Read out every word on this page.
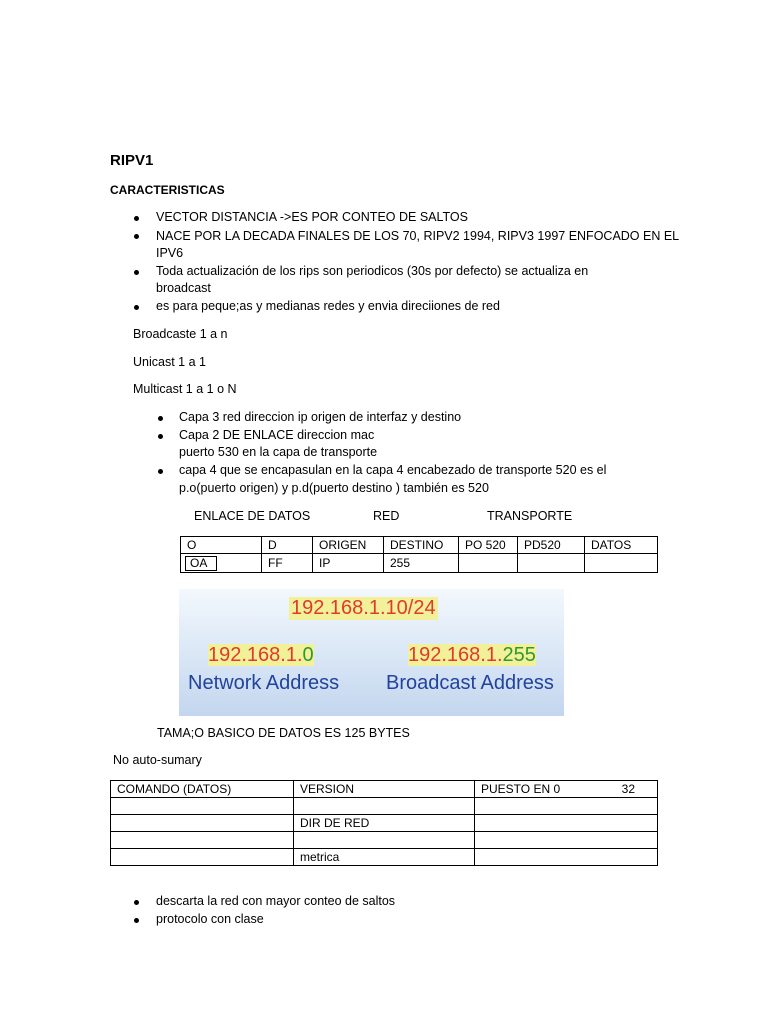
RIPV1
CARACTERISTICAS
VECTOR DISTANCIA ->ES POR CONTEO DE SALTOS
NACE POR LA DECADA FINALES DE LOS 70, RIPV2 1994, RIPV3 1997 ENFOCADO EN EL
IPV6
Toda actualización de los rips son periodicos (30s por defecto) se actualiza en
broadcast
es para peque;as y medianas redes y envia direciiones de red
Broadcaste 1 a n
Unicast 1 a 1
Multicast 1 a 1 o N
Capa 3 red direccion ip origen de interfaz y destino
Capa 2 DE ENLACE direccion mac
puerto 530 en la capa de transporte
capa 4 que se encapasulan en la capa 4 encabezado de transporte 520 es el
p.o(puerto origen) y p.d(puerto destino ) también es 520
ENLACE DE DATOS	RED	TRANSPORTE
O	D	ORIGEN	DESTINO	PO 520	PD520	DATOS
OA	FF	IP	255			
192.168.1.10/24
192.168.1.0
Network Address
192.168.1.255
Broadcast Address
TAMA;O BASICO DE DATOS ES 125 BYTES
No auto-sumary
COMANDO (DATOS)	VERSION	PUESTO EN 0 32

	DIR DE RED	

	metrica	
descarta la red con mayor conteo de saltos
protocolo con clase
